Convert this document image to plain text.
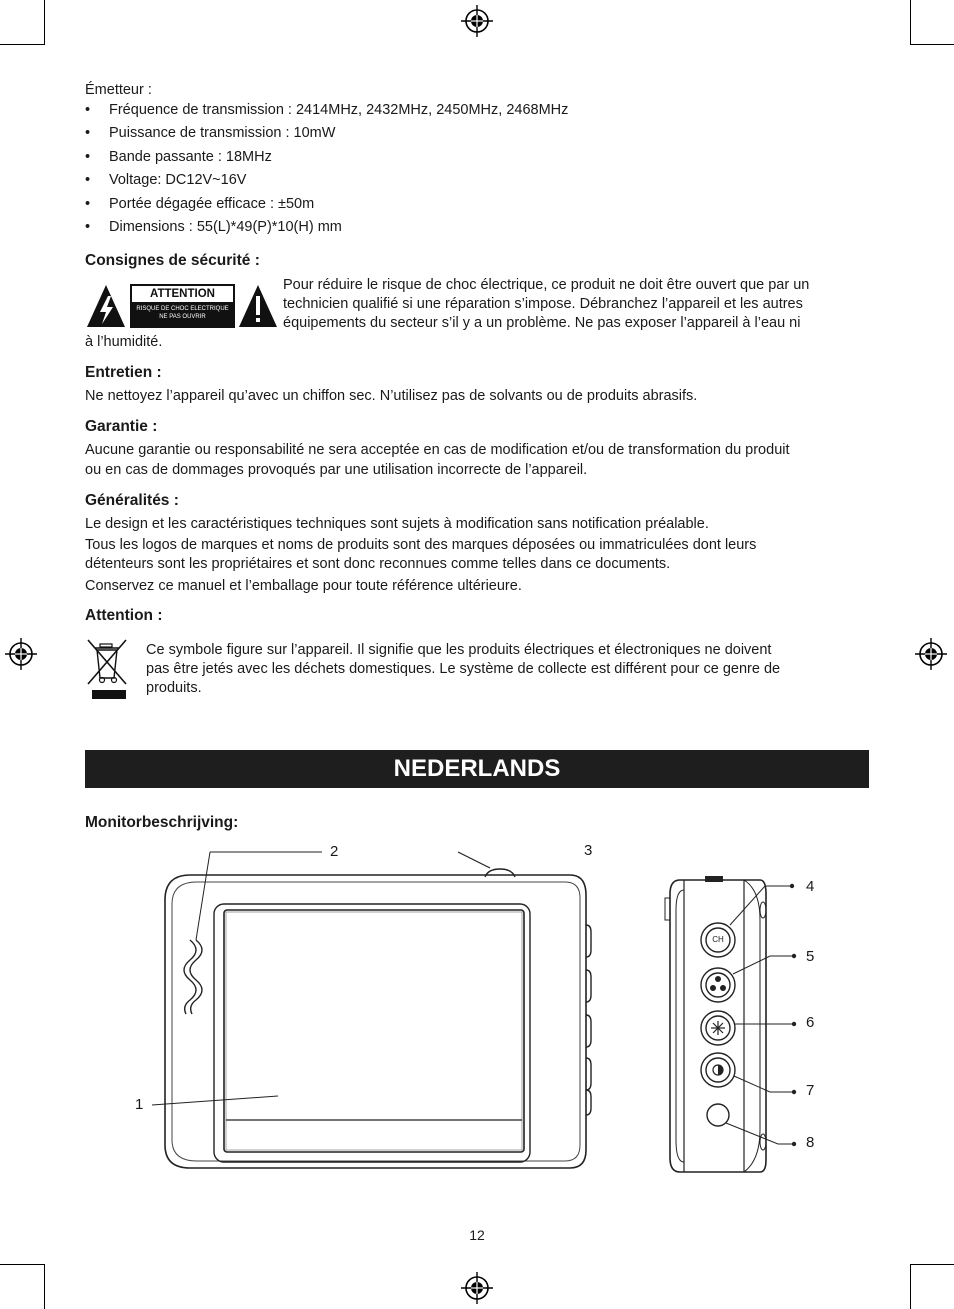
Émetteur :
• Fréquence de transmission : 2414MHz, 2432MHz, 2450MHz, 2468MHz
• Puissance de transmission : 10mW
• Bande passante : 18MHz
• Voltage: DC12V~16V
• Portée dégagée efficace : ±50m
• Dimensions : 55(L)*49(P)*10(H) mm
Consignes de sécurité :
ATTENTION
RISQUE DE CHOC ELECTRIQUE
NE PAS OUVRIR
Pour réduire le risque de choc électrique, ce produit ne doit être ouvert que par un
technicien qualifié si une réparation s’impose. Débranchez l’appareil et les autres
équipements du secteur s’il y a un problème. Ne pas exposer l’appareil à l’eau ni
à l’humidité.
Entretien :
Ne nettoyez l’appareil qu’avec un chiffon sec. N’utilisez pas de solvants ou de produits abrasifs.
Garantie :
Aucune garantie ou responsabilité ne sera acceptée en cas de modification et/ou de transformation du produit
ou en cas de dommages provoqués par une utilisation incorrecte de l’appareil.
Généralités :
Le design et les caractéristiques techniques sont sujets à modification sans notification préalable.
Tous les logos de marques et noms de produits sont des marques déposées ou immatriculées dont leurs
détenteurs sont les propriétaires et sont donc reconnues comme telles dans ce documents.
Conservez ce manuel et l’emballage pour toute référence ultérieure.
Attention :
Ce symbole figure sur l’appareil. Il signifie que les produits électriques et électroniques ne doivent
pas être jetés avec les déchets domestiques. Le système de collecte est différent pour ce genre de
produits.
NEDERLANDS
Monitorbeschrijving:
2	3
1
CH
4
5
6
7
8
12
